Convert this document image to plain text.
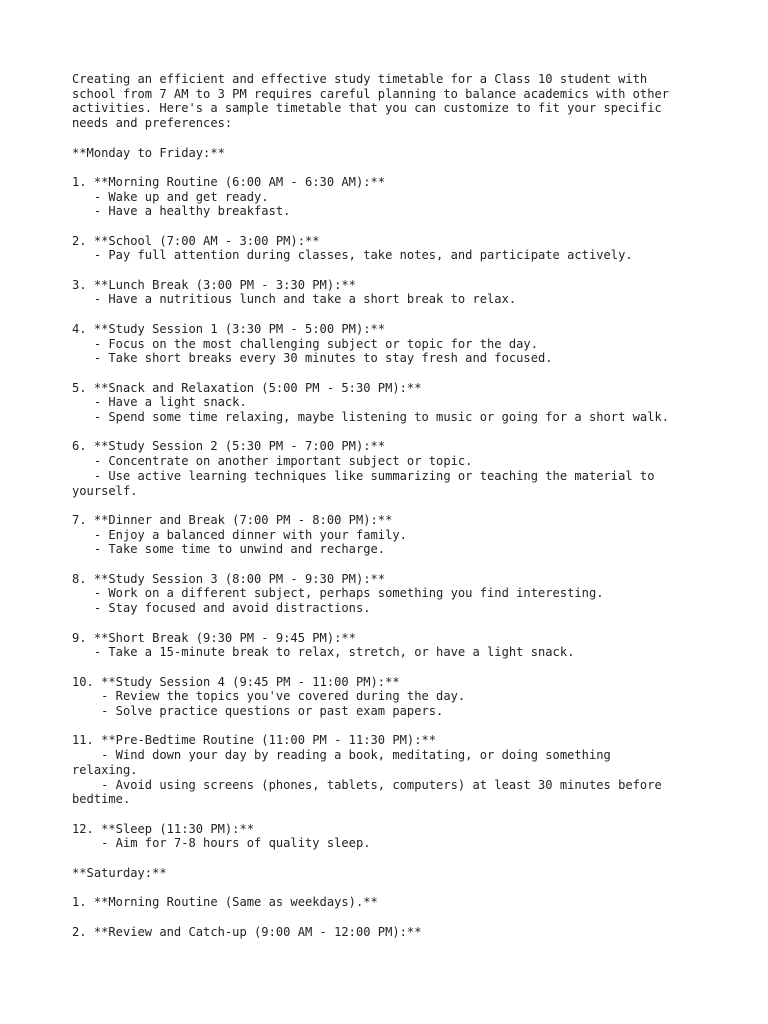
Creating an efficient and effective study timetable for a Class 10 student with
school from 7 AM to 3 PM requires careful planning to balance academics with other
activities. Here's a sample timetable that you can customize to fit your specific
needs and preferences:
**Monday to Friday:**
1. **Morning Routine (6:00 AM - 6:30 AM):**
- Wake up and get ready.
- Have a healthy breakfast.
2. **School (7:00 AM - 3:00 PM):**
- Pay full attention during classes, take notes, and participate actively.
3. **Lunch Break (3:00 PM - 3:30 PM):**
- Have a nutritious lunch and take a short break to relax.
4. **Study Session 1 (3:30 PM - 5:00 PM):**
- Focus on the most challenging subject or topic for the day.
- Take short breaks every 30 minutes to stay fresh and focused.
5. **Snack and Relaxation (5:00 PM - 5:30 PM):**
- Have a light snack.
- Spend some time relaxing, maybe listening to music or going for a short walk.
6. **Study Session 2 (5:30 PM - 7:00 PM):**
- Concentrate on another important subject or topic.
- Use active learning techniques like summarizing or teaching the material to
yourself.
7. **Dinner and Break (7:00 PM - 8:00 PM):**
- Enjoy a balanced dinner with your family.
- Take some time to unwind and recharge.
8. **Study Session 3 (8:00 PM - 9:30 PM):**
- Work on a different subject, perhaps something you find interesting.
- Stay focused and avoid distractions.
9. **Short Break (9:30 PM - 9:45 PM):**
- Take a 15-minute break to relax, stretch, or have a light snack.
10. **Study Session 4 (9:45 PM - 11:00 PM):**
- Review the topics you've covered during the day.
- Solve practice questions or past exam papers.
11. **Pre-Bedtime Routine (11:00 PM - 11:30 PM):**
- Wind down your day by reading a book, meditating, or doing something
relaxing.
- Avoid using screens (phones, tablets, computers) at least 30 minutes before
bedtime.
12. **Sleep (11:30 PM):**
- Aim for 7-8 hours of quality sleep.
**Saturday:**
1. **Morning Routine (Same as weekdays).**
2. **Review and Catch-up (9:00 AM - 12:00 PM):**
